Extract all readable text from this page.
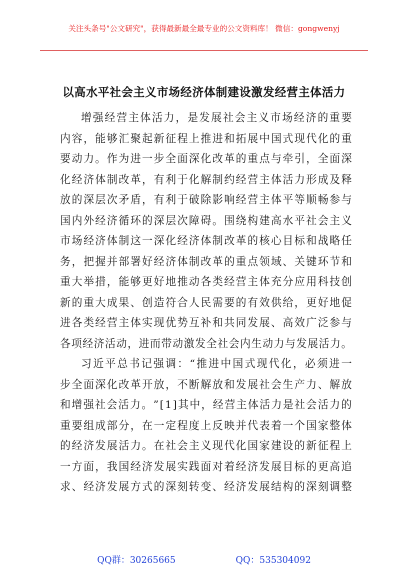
关注头条号"公文研究"，获得最新最全最专业的公文资料库！ 微信：gongwenyj
以高水平社会主义市场经济体制建设激发经营主体活力
增 强 经 营 主 体 活 力 ， 是 发 展 社 会 主 义 市 场 经 济 的 重 要
内 容 ， 能 够 汇 聚 起 新 征 程 上 推 进 和 拓 展 中 国 式 现 代 化 的 重
要 动 力 。 作 为 进 一 步 全 面 深 化 改 革 的 重 点 与 牵 引 ， 全 面 深
化 经 济 体 制 改 革 ， 有 利 于 化 解 制 约 经 营 主 体 活 力 形 成 及 释
放 的 深 层 次 矛 盾 ， 有 利 于 破 除 影 响 经 营 主 体 平 等 顺 畅 参 与
国 内 外 经 济 循 环 的 深 层 次 障 碍 。 围 绕 构 建 高 水 平 社 会 主 义
市 场 经 济 体 制 这 一 深 化 经 济 体 制 改 革 的 核 心 目 标 和 战 略 任
务 ， 把 握 并 部 署 好 经 济 体 制 改 革 的 重 点 领 域 、 关 键 环 节 和
重 大 举 措 ， 能 够 更 好 地 推 动 各 类 经 营 主 体 充 分 应 用 科 技 创
新 的 重 大 成 果 、 创 造 符 合 人 民 需 要 的 有 效 供 给 ， 更 好 地 促
进 各 类 经 营 主 体 实 现 优 势 互 补 和 共 同 发 展 、 高 效 广 泛 参 与
各 项 经 济 活 动 ， 进 而 带 动 激 发 全 社 会 内 生 动 力 与 发 展 活 力 。
习 近 平 总 书 记 强 调 ： “ 推 进 中 国 式 现 代 化 ， 必 须 进 一
步 全 面 深 化 改 革 开 放 ， 不 断 解 放 和 发 展 社 会 生 产 力 、 解 放
和 增 强 社 会 活 力 。 ” [ 1 ] 其 中 ， 经 营 主 体 活 力 是 社 会 活 力 的
重 要 组 成 部 分 ， 在 一 定 程 度 上 反 映 并 代 表 着 一 个 国 家 整 体
的 经 济 发 展 活 力 。 在 社 会 主 义 现 代 化 国 家 建 设 的 新 征 程 上
一 方 面 ， 我 国 经 济 发 展 实 践 面 对 着 经 济 发 展 目 标 的 更 高 追
求 、 经 济 发 展 方 式 的 深 刻 转 变 、 经 济 发 展 结 构 的 深 刻 调 整
QQ群：30265665	QQ：535304092
